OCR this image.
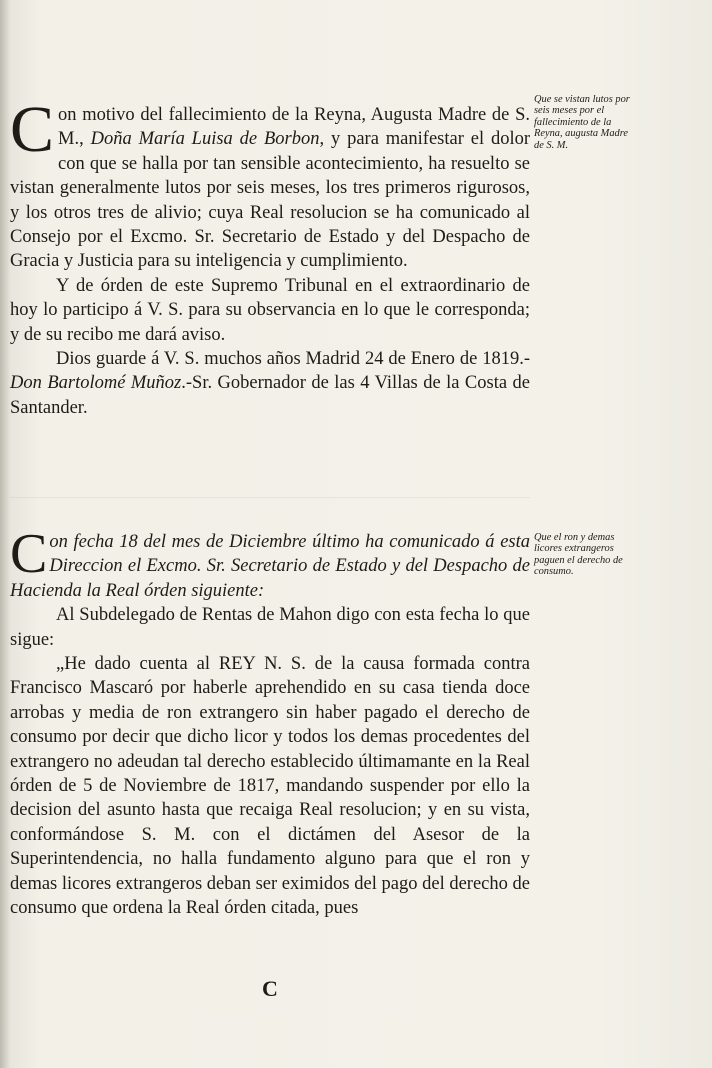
Que se vistan lutos por seis meses por el fallecimiento de la Reyna, augusta Madre de S. M.

Con motivo del fallecimiento de la Reyna, Augusta Madre de S. M., Doña María Luisa de Borbon, y para manifestar el dolor con que se halla por tan sensible acontecimiento, ha resuelto se vistan generalmente lutos por seis meses, los tres primeros rigurosos, y los otros tres de alivio; cuya Real resolucion se ha comunicado al Consejo por el Excmo. Sr. Secretario de Estado y del Despacho de Gracia y Justicia para su inteligencia y cumplimiento.

Y de órden de este Supremo Tribunal en el extraordinario de hoy lo participo á V. S. para su observancia en lo que le corresponda; y de su recibo me dará aviso.

Dios guarde á V. S. muchos años Madrid 24 de Enero de 1819.-Don Bartolomé Muñoz.-Sr. Gobernador de las 4 Villas de la Costa de Santander.

Que el ron y demas licores extrangeros paguen el derecho de consumo.

Con fecha 18 del mes de Diciembre último ha comunicado á esta Direccion el Excmo. Sr. Secretario de Estado y del Despacho de Hacienda la Real órden siguiente:

Al Subdelegado de Rentas de Mahon digo con esta fecha lo que sigue:

„He dado cuenta al REY N. S. de la causa formada contra Francisco Mascaró por haberle aprehendido en su casa tienda doce arrobas y media de ron extrangero sin haber pagado el derecho de consumo por decir que dicho licor y todos los demas procedentes del extrangero no adeudan tal derecho establecido últimamante en la Real órden de 5 de Noviembre de 1817, mandando suspender por ello la decision del asunto hasta que recaiga Real resolucion; y en su vista, conformándose S. M. con el dictámen del Asesor de la Superintendencia, no halla fundamento alguno para que el ron y demas licores extrangeros deban ser eximidos del pago del derecho de consumo que ordena la Real órden citada, pues

C
